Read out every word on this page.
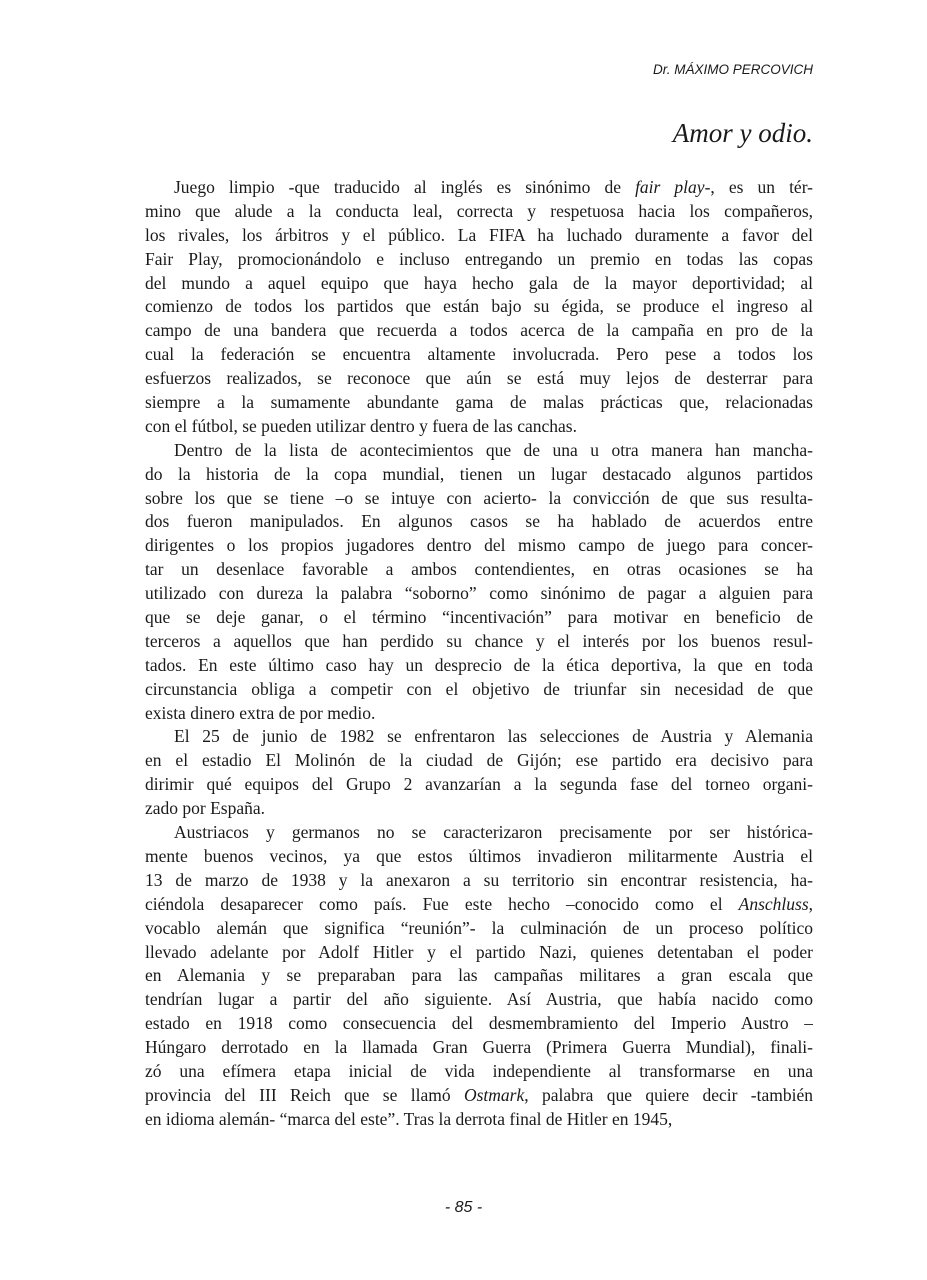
Dr. MÁXIMO PERCOVICH
Amor y odio.
Juego limpio -que traducido al inglés es sinónimo de fair play-, es un tér-
mino que alude a la conducta leal, correcta y respetuosa hacia los compañeros,
los rivales, los árbitros y el público. La FIFA ha luchado duramente a favor del
Fair Play, promocionándolo e incluso entregando un premio en todas las copas
del mundo a aquel equipo que haya hecho gala de la mayor deportividad; al
comienzo de todos los partidos que están bajo su égida, se produce el ingreso al
campo de una bandera que recuerda a todos acerca de la campaña en pro de la
cual la federación se encuentra altamente involucrada. Pero pese a todos los
esfuerzos realizados, se reconoce que aún se está muy lejos de desterrar para
siempre a la sumamente abundante gama de malas prácticas que, relacionadas
con el fútbol, se pueden utilizar dentro y fuera de las canchas.
Dentro de la lista de acontecimientos que de una u otra manera han mancha-
do la historia de la copa mundial, tienen un lugar destacado algunos partidos
sobre los que se tiene –o se intuye con acierto- la convicción de que sus resulta-
dos fueron manipulados. En algunos casos se ha hablado de acuerdos entre
dirigentes o los propios jugadores dentro del mismo campo de juego para concer-
tar un desenlace favorable a ambos contendientes, en otras ocasiones se ha
utilizado con dureza la palabra “soborno” como sinónimo de pagar a alguien para
que se deje ganar, o el término “incentivación” para motivar en beneficio de
terceros a aquellos que han perdido su chance y el interés por los buenos resul-
tados. En este último caso hay un desprecio de la ética deportiva, la que en toda
circunstancia obliga a competir con el objetivo de triunfar sin necesidad de que
exista dinero extra de por medio.
El 25 de junio de 1982 se enfrentaron las selecciones de Austria y Alemania
en el estadio El Molinón de la ciudad de Gijón; ese partido era decisivo para
dirimir qué equipos del Grupo 2 avanzarían a la segunda fase del torneo organi-
zado por España.
Austriacos y germanos no se caracterizaron precisamente por ser históricа-
mente buenos vecinos, ya que estos últimos invadieron militarmente Austria el
13 de marzo de 1938 y la anexaron a su territorio sin encontrar resistencia, ha-
ciéndola desaparecer como país. Fue este hecho –conocido como el Anschluss,
vocablo alemán que significa “reunión”- la culminación de un proceso político
llevado adelante por Adolf Hitler y el partido Nazi, quienes detentaban el poder
en Alemania y se preparaban para las campañas militares a gran escala que
tendrían lugar a partir del año siguiente. Así Austria, que había nacido como
estado en 1918 como consecuencia del desmembramiento del Imperio Austro –
Húngaro derrotado en la llamada Gran Guerra (Primera Guerra Mundial), finali-
zó una efímera etapa inicial de vida independiente al transformarse en una
provincia del III Reich que se llamó Ostmark, palabra que quiere decir -también
en idioma alemán- “marca del este”. Tras la derrota final de Hitler en 1945,
- 85 -
